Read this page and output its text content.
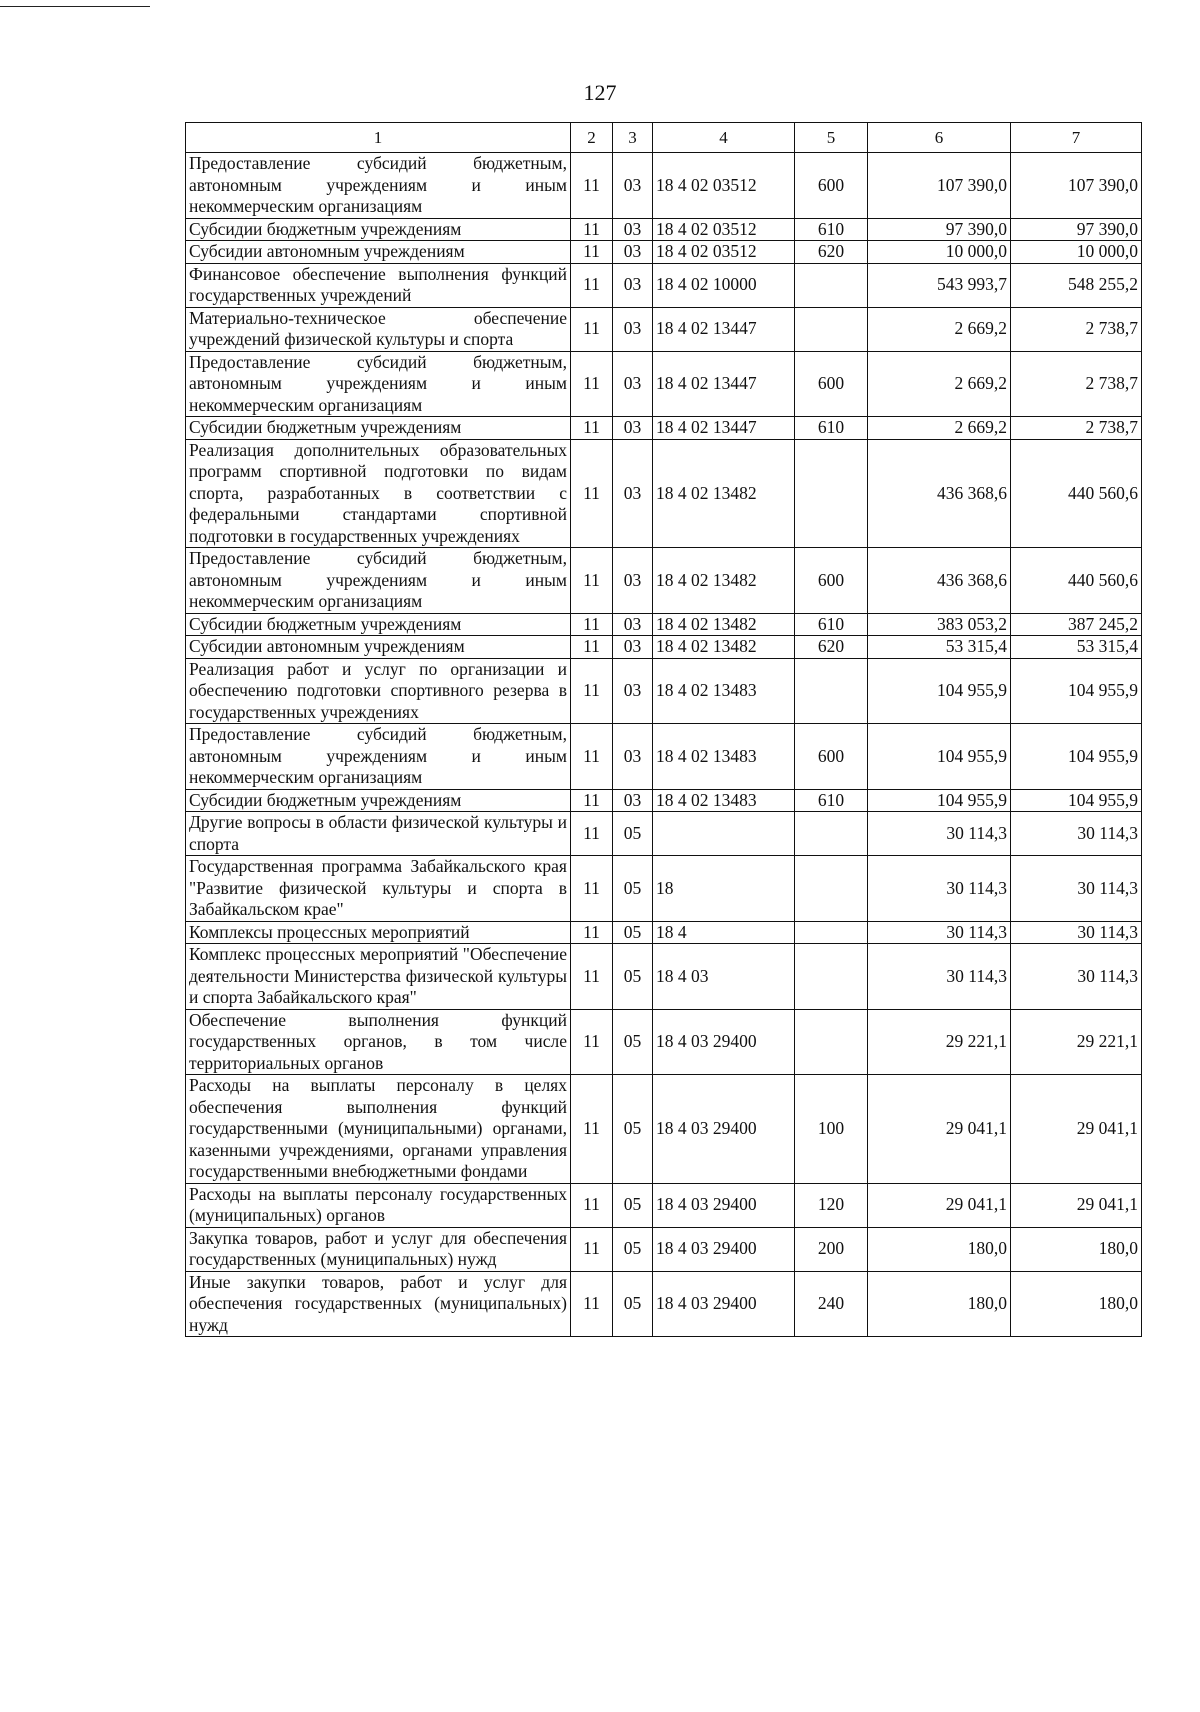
127
1	2	3	4	5	6	7
Предоставление субсидий бюджетным, автономным учреждениям и иным некоммерческим организациям	11	03	18 4 02 03512	600	107 390,0	107 390,0
Субсидии бюджетным учреждениям	11	03	18 4 02 03512	610	97 390,0	97 390,0
Субсидии автономным учреждениям	11	03	18 4 02 03512	620	10 000,0	10 000,0
Финансовое обеспечение выполнения функций государственных учреждений	11	03	18 4 02 10000		543 993,7	548 255,2
Материально-техническое обеспечение учреждений физической культуры и спорта	11	03	18 4 02 13447		2 669,2	2 738,7
Предоставление субсидий бюджетным, автономным учреждениям и иным некоммерческим организациям	11	03	18 4 02 13447	600	2 669,2	2 738,7
Субсидии бюджетным учреждениям	11	03	18 4 02 13447	610	2 669,2	2 738,7
Реализация дополнительных образовательных программ спортивной подготовки по видам спорта, разработанных в соответствии с федеральными стандартами спортивной подготовки в государственных учреждениях	11	03	18 4 02 13482		436 368,6	440 560,6
Предоставление субсидий бюджетным, автономным учреждениям и иным некоммерческим организациям	11	03	18 4 02 13482	600	436 368,6	440 560,6
Субсидии бюджетным учреждениям	11	03	18 4 02 13482	610	383 053,2	387 245,2
Субсидии автономным учреждениям	11	03	18 4 02 13482	620	53 315,4	53 315,4
Реализация работ и услуг по организации и обеспечению подготовки спортивного резерва в государственных учреждениях	11	03	18 4 02 13483		104 955,9	104 955,9
Предоставление субсидий бюджетным, автономным учреждениям и иным некоммерческим организациям	11	03	18 4 02 13483	600	104 955,9	104 955,9
Субсидии бюджетным учреждениям	11	03	18 4 02 13483	610	104 955,9	104 955,9
Другие вопросы в области физической культуры и спорта	11	05			30 114,3	30 114,3
Государственная программа Забайкальского края "Развитие физической культуры и спорта в Забайкальском крае"	11	05	18		30 114,3	30 114,3
Комплексы процессных мероприятий	11	05	18 4		30 114,3	30 114,3
Комплекс процессных мероприятий "Обеспечение деятельности Министерства физической культуры и спорта Забайкальского края"	11	05	18 4 03		30 114,3	30 114,3
Обеспечение выполнения функций государственных органов, в том числе территориальных органов	11	05	18 4 03 29400		29 221,1	29 221,1
Расходы на выплаты персоналу в целях обеспечения выполнения функций государственными (муниципальными) органами, казенными учреждениями, органами управления государственными внебюджетными фондами	11	05	18 4 03 29400	100	29 041,1	29 041,1
Расходы на выплаты персоналу государственных (муниципальных) органов	11	05	18 4 03 29400	120	29 041,1	29 041,1
Закупка товаров, работ и услуг для обеспечения государственных (муниципальных) нужд	11	05	18 4 03 29400	200	180,0	180,0
Иные закупки товаров, работ и услуг для обеспечения государственных (муниципальных) нужд	11	05	18 4 03 29400	240	180,0	180,0
